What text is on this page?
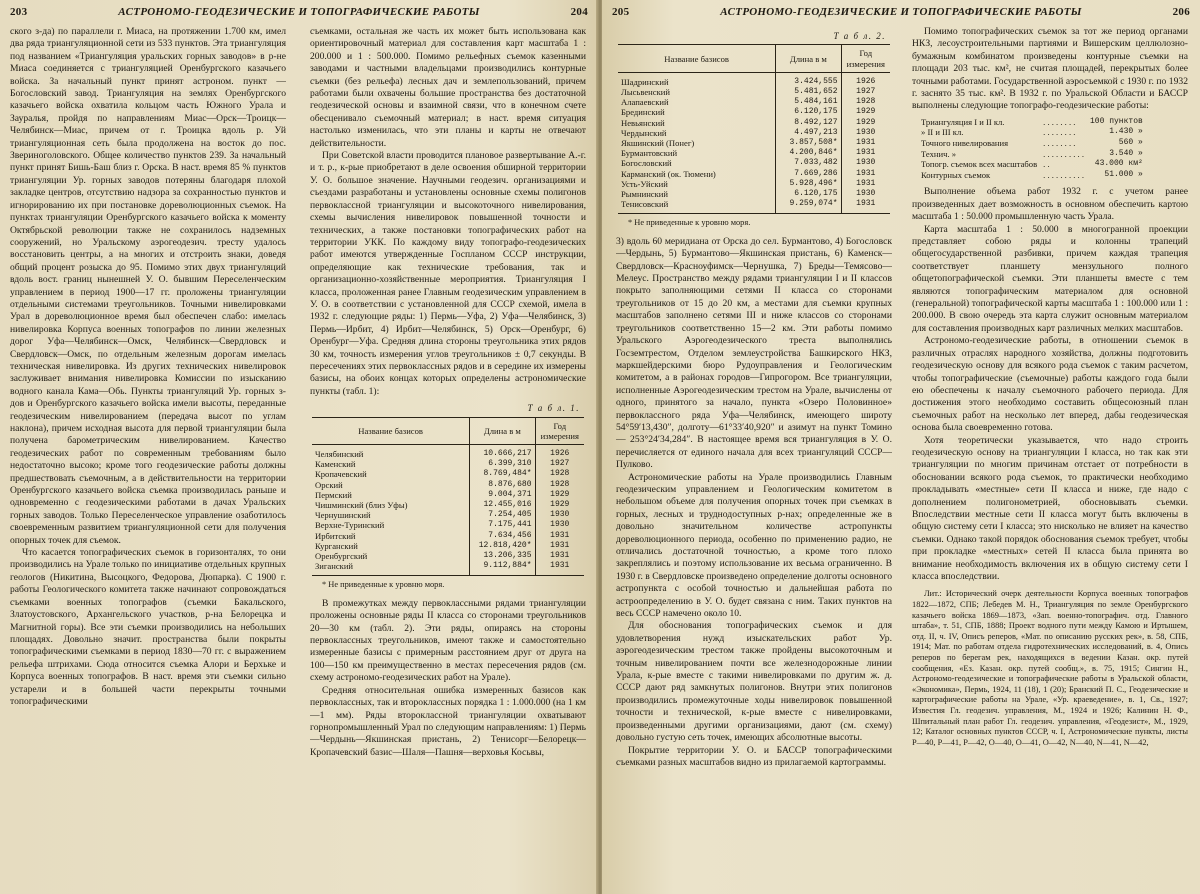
203	АСТРОНОМО-ГЕОДЕЗИЧЕСКИЕ И ТОПОГРАФИЧЕСКИЕ РАБОТЫ	204

ского з-да) по параллели г. Миаса, на протяжении 1.700 км, имел два ряда триангуляционной сети из 533 пунктов. Эта триангуляция под названием «Триангуляция уральских горных заводов» в р-не Миаса соединяется с триангуляцией Оренбургского казачьего войска. За начальный пункт принят астроном. пункт — Богословский завод. Триангуляция на землях Оренбургского казачьего войска охватила кольцом часть Южного Урала и Зауралья, пройдя по направлениям Миас—Орск—Троицк—Челябинск—Миас, причем от г. Троицка вдоль р. Уй триангуляционная сеть была продолжена на восток до пос. Звериноголовского. Общее количество пунктов 239. За начальный пункт принят Бишь-Баш близ г. Орска. В наст. время 85 % пунктов триангуляции Ур. горных заводов потеряны благодаря плохой закладке центров, отсутствию надзора за сохранностью пунктов и игнорированию их при постановке дореволюционных съемок. На пунктах триангуляции Оренбургского казачьего войска к моменту Октябрьской революции также не сохранилось надземных сооружений, но Уральскому аэрогеодезич. тресту удалось восстановить центры, а на многих и отстроить знаки, доведя общий процент розыска до 95. Помимо этих двух триангуляций вдоль вост. границ нынешней У. О. бывшим Переселенческим управлением в период 1900—17 гг. проложены триангуляции отдельными системами треугольников. Точными нивелировками Урал в дореволюционное время был обеспечен слабо: имелась нивелировка Корпуса военных топографов по линии железных дорог Уфа—Челябинск—Омск, Челябинск—Свердловск и Свердловск—Омск, по отдельным железным дорогам имелась техническая нивелировка. Из других технических нивелировок заслуживает внимания нивелировка Комиссии по изысканию водного канала Кама—Обь. Пункты триангуляций Ур. горных з-дов и Оренбургского казачьего войска имели высоты, переданные геодезическим нивелированием (передача высот по углам наклона), причем исходная высота для первой триангуляции была получена барометрическим нивелированием. Качество геодезических работ по современным требованиям было недостаточно высоко; кроме того геодезические работы должны предшествовать съемочным, а в действительности на территории Оренбургского казачьего войска съемка производилась раньше и одновременно с геодезическими работами в дачах Уральских горных заводов. Только Переселенческое управление озаботилось своевременным развитием триангуляционной сети для получения опорных точек для съемок.

Что касается топографических съемок в горизонталях, то они производились на Урале только по инициативе отдельных крупных геологов (Никитина, Высоцкого, Федорова, Дюпарка). С 1900 г. работы Геологического комитета также начинают сопровождаться съемками военных топографов (съемки Бакальского, Златоустовского, Архангельского участков, р-на Белорецка и Магнитной горы). Все эти съемки производились на небольших площадях. Довольно значит. пространства были покрыты топографическими съемками в период 1830—70 гг. с выражением рельефа штрихами. Сюда относится съемка Алори и Берхьке и Корпуса военных топографов. В наст. время эти съемки сильно устарели и в большей части перекрыты точными топографическими

съемками, остальная же часть их может быть использована как ориентировочный материал для составления карт масштаба 1 : 200.000 и 1 : 500.000. Помимо рельефных съемок казенными заводами и частными владельцами производились контурные съемки (без рельефа) лесных дач и землепользований, причем работами были охвачены большие пространства без достаточной геодезической основы и взаимной связи, что в конечном счете обесценивало съемочный материал; в наст. время ситуация настолько изменилась, что эти планы и карты не отвечают действительности.

При Советской власти проводится плановое развертывание А.-г. и т. р., к-рые приобретают в деле освоения обширной территории У. О. большое значение. Научными геодезич. организациями и съездами разработаны и установлены основные схемы полигонов первоклассной триангуляции и высокоточного нивелирования, схемы вычисления нивелировок повышенной точности и технических, а также постановки топографических работ на территории УКК. По каждому виду топографо-геодезических работ имеются утвержденные Госпланом СССР инструкции, определяющие как технические требования, так и организационно-хозяйственные мероприятия. Триангуляция I класса, проложенная ранее Главным геодезическим управлением в У. О. в соответствии с установленной для СССР схемой, имела в 1932 г. следующие ряды: 1) Пермь—Уфа, 2) Уфа—Челябинск, 3) Пермь—Ирбит, 4) Ирбит—Челябинск, 5) Орск—Оренбург, 6) Оренбург—Уфа. Средняя длина стороны треугольника этих рядов 30 км, точность измерения углов треугольников ± 0,7 секунды. В пересечениях этих первоклассных рядов и в середине их измерены базисы, на обоих концах которых определены астрономические пункты (табл. 1):

Т а б л. 1.
Название базисов	Длина в м	Год измерения

Челябинский	10.666,217	1926
Каменский	6.399,310	1927
Кропачевский	8.769,484*	1928
Орский	8.876,680	1928
Пермский	9.004,371	1929
Чишминский (близ Уфы)	12.455,016	1929
Чернушинский	7.254,405	1930
Верхне-Туринский	7.175,441	1930
Ирбитский	7.634,456	1931
Курганский	12.818,420*	1931
Оренбургский	13.206,335	1931
Зиганский	9.112,884*	1931
* Не приведенные к уровню моря.

В промежутках между первоклассными рядами триангуляции проложены основные ряды II класса со сторонами треугольников 20—30 км (табл. 2). Эти ряды, опираясь на стороны первоклассных треугольников, имеют также и самостоятельно измеренные базисы с примерным расстоянием друг от друга на 100—150 км преимущественно в местах пересечения рядов (см. схему астрономо-геодезических работ на Урале).

Средняя относительная ошибка измеренных базисов как первоклассных, так и второклассных порядка 1 : 1.000.000 (на 1 км—1 мм). Ряды второклассной триангуляции охватывают горнопромышленный Урал по следующим направлениям: 1) Пермь—Чердынь—Якшинская пристань, 2) Тенисорг—Белорецк—Кропачевский базис—Шаля—Пашня—верховья Косьвы,

205	АСТРОНОМО-ГЕОДЕЗИЧЕСКИЕ И ТОПОГРАФИЧЕСКИЕ РАБОТЫ	206
Т а б л. 2.
Название базисов	Длина в м	Год измерения

Шадринский	3.424,555	1926
Лысьвенский	5.481,652	1927
Алапаевский	5.484,161	1928
Брединский	6.120,175	1929
Невьянский	8.492,127	1929
Чердынский	4.497,213	1930
Якшинский (Понег)	3.857,508*	1931
Бурмантовский	4.200,846*	1931
Богословский	7.033,482	1930
Карманский (ок. Тюмени)	7.669,286	1931
Усть-Уйский	5.928,496*	1931
Рымнинский	6.120,175	1930
Тенисовский	9.259,074*	1931
* Не приведенные к уровню моря.

3) вдоль 60 меридиана от Орска до сел. Бурмантово, 4) Богословск—Чердынь, 5) Бурмантово—Якшинская пристань, 6) Каменск—Свердловск—Красноуфимск—Чернушка, 7) Бреды—Темясово—Мелеус. Пространство между рядами триангуляции I и II классов покрыто заполняющими сетями II класса со сторонами треугольников от 15 до 20 км, а местами для съемки крупных масштабов заполнено сетями III и ниже классов со сторонами треугольников соответственно 15—2 км. Эти работы помимо Уральского Аэрогеодезического треста выполнялись Госземтрестом, Отделом землеустройства Башкирского НКЗ, маркшейдерскими бюро Рудоуправления и Геологическим комитетом, а в районах городов—Гипрогором. Все триангуляции, исполненные Аэрогеодезическим трестом на Урале, вычислены от одного, принятого за начало, пункта «Озеро Половинное» первоклассного ряда Уфа—Челябинск, имеющего широту 54°59′13,430″, долготу—61°33′40,920″ и азимут на пункт Томино — 253°24′34,284″. В настоящее время вся триангуляция в У. О. перечисляется от единого начала для всех триангуляций СССР—Пулково.

Астрономические работы на Урале производились Главным геодезическим управлением и Геологическим комитетом в небольшом объеме для получения опорных точек при съемках в горных, лесных и труднодоступных р-нах; определенные же в довольно значительном количестве астропункты дореволюционного периода, особенно по применению радио, не отличались достаточной точностью, а кроме того плохо закреплялись и поэтому использование их весьма ограниченно. В 1930 г. в Свердловске произведено определение долготы основного астропункта с особой точностью и дальнейшая работа по астроопределению в У. О. будет связана с ним. Таких пунктов на весь СССР намечено около 10.

Для обоснования топографических съемок и для удовлетворения нужд изыскательских работ Ур. аэрогеодезическим трестом также пройдены высокоточным и точным нивелированием почти все железнодорожные линии Урала, к-рые вместе с такими нивелировками по другим ж. д. СССР дают ряд замкнутых полигонов. Внутри этих полигонов производились промежуточные ходы нивелировок повышенной точности и технической, к-рые вместе с нивелировками, произведенными другими организациями, дают (см. схему) довольно густую сеть точек, имеющих абсолютные высоты.

Покрытие территории У. О. и БАССР топографическими съемками разных масштабов видно из прилагаемой картограммы.

Помимо топографических съемок за тот же период органами НКЗ, лесоустроительными партиями и Вишерским целлюлозно-бумажным комбинатом произведены контурные съемки на площади 203 тыс. км², не считая площадей, перекрытых более точными работами. Государственной аэросъемкой с 1930 г. по 1932 г. заснято 35 тыс. км². В 1932 г. по Уральской Области и БАССР выполнены следующие топографо-геодезические работы:

Триангуляция I и II кл.	. . . . . . . .	100 пунктов
» II и III кл.	. . . . . . . .	1.430 »
Точного нивелирования	. . . . . . . .	560 »
Технич. »	. . . . . . . . . .	3.540 »
Топогр. съемок всех масштабов	. .	43.000 км²
Контурных съемок	. . . . . . . . . .	51.000 »

Выполнение объема работ 1932 г. с учетом ранее произведенных дает возможность в основном обеспечить картою масштаба 1 : 50.000 промышленную часть Урала.

Карта масштаба 1 : 50.000 в многогранной проекции представляет собою ряды и колонны трапеций общегосударственной разбивки, причем каждая трапеция соответствует планшету мензульного полного общетопографической съемки. Эти планшеты вместе с тем являются топографическим материалом для основной (генеральной) топографической карты масштаба 1 : 100.000 или 1 : 200.000. В свою очередь эта карта служит основным материалом для составления производных карт различных мелких масштабов.

Астрономо-геодезические работы, в отношении съемок в различных отраслях народного хозяйства, должны подготовить геодезическую основу для всякого рода съемок с таким расчетом, чтобы топографические (съемочные) работы каждого года были ею обеспечены к началу съемочного рабочего периода. Для достижения этого необходимо составить общесоюзный план съемочных работ на несколько лет вперед, дабы геодезическая основа была своевременно готова.

Хотя теоретически указывается, что надо строить геодезическую основу на триангуляции I класса, но так как эти триангуляции по многим причинам отстает от потребности в обосновании всякого рода съемок, то практически необходимо прокладывать «местные» сети II класса и ниже, где надо с дополнением полигонометрией, обосновывать съемки. Впоследствии местные сети II класса могут быть включены в общую систему сети I класса; это нисколько не влияет на качество съемки. Однако такой порядок обоснования съемок требует, чтобы при прокладке «местных» сетей II класса была принята во внимание необходимость включения их в общую систему сети I класса впоследствии.

Лит.: Исторический очерк деятельности Корпуса военных топографов 1822—1872, СПБ; Лебедев М. Н., Триангуляция по земле Оренбургского казачьего войска 1869—1873, «Зап. военно-топографич. отд. Главного штаба», т. 51, СПБ, 1888; Проект водного пути между Камою и Иртышем, отд. II, ч. IV, Описъ реперов, «Мат. по описанию русских рек», в. 58, СПБ, 1914; Мат. по работам отдела гидротехнических исследований, в. 4, Опись реперов по берегам рек, находящихся в ведении Казан. окр. путей сообщения, «Ез. Казан. окр. путей сообщ.», в. 75, 1915; Сингин Н., Астрономо-геодезические и топографические работы в Уральской области, «Экономика», Пермь, 1924, 11 (18), 1 (20); Бранский П. С., Геодезические и картографические работы на Урале, «Ур. краеведение», в. 1, Св., 1927; Известия Гл. геодезич. управления, М., 1924 и 1926; Калинин Н. Ф., Шпитальный план работ Гл. геодезич. управления, «Геодезист», М., 1929, 12; Каталог основных пунктов СССР, ч. I, Астрономические пункты, листы Р—40, Р—41, Р—42, О—40, О—41, О—42, N—40, N—41, N—42,
